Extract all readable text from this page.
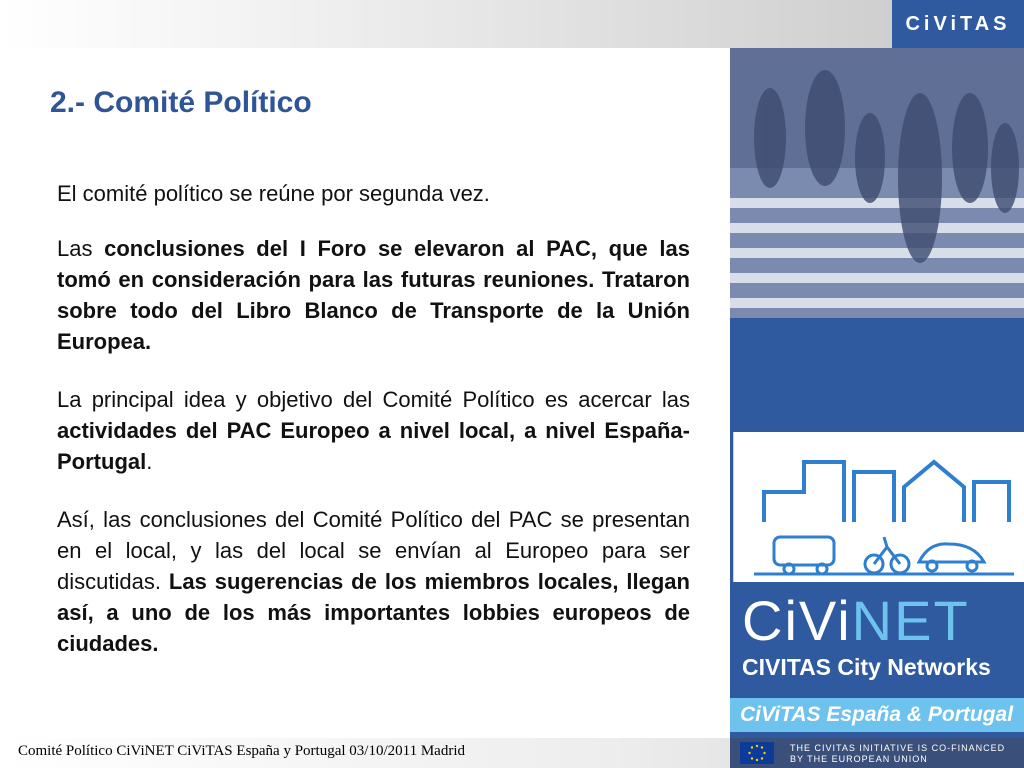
CiViTAS
2.- Comité Político

El comité político se reúne por segunda vez.

Las conclusiones del I Foro se elevaron al PAC, que las tomó en consideración para las futuras reuniones. Trataron sobre todo del Libro Blanco de Transporte de la Unión Europea.

La principal idea y objetivo del Comité Político es acercar las actividades del PAC Europeo a nivel local, a nivel España-Portugal.

Así, las conclusiones del Comité Político del PAC se presentan en el local, y las del local se envían al Europeo para ser discutidas. Las sugerencias de los miembros locales, llegan así, a uno de los más importantes lobbies europeos de ciudades.	CiViNET
CIVITAS City Networks
CiViTAS España & Portugal
Comité Político CiViNET CiViTAS España y Portugal 03/10/2011 Madrid	THE CIVITAS INITIATIVE IS CO-FINANCED
BY THE EUROPEAN UNION
